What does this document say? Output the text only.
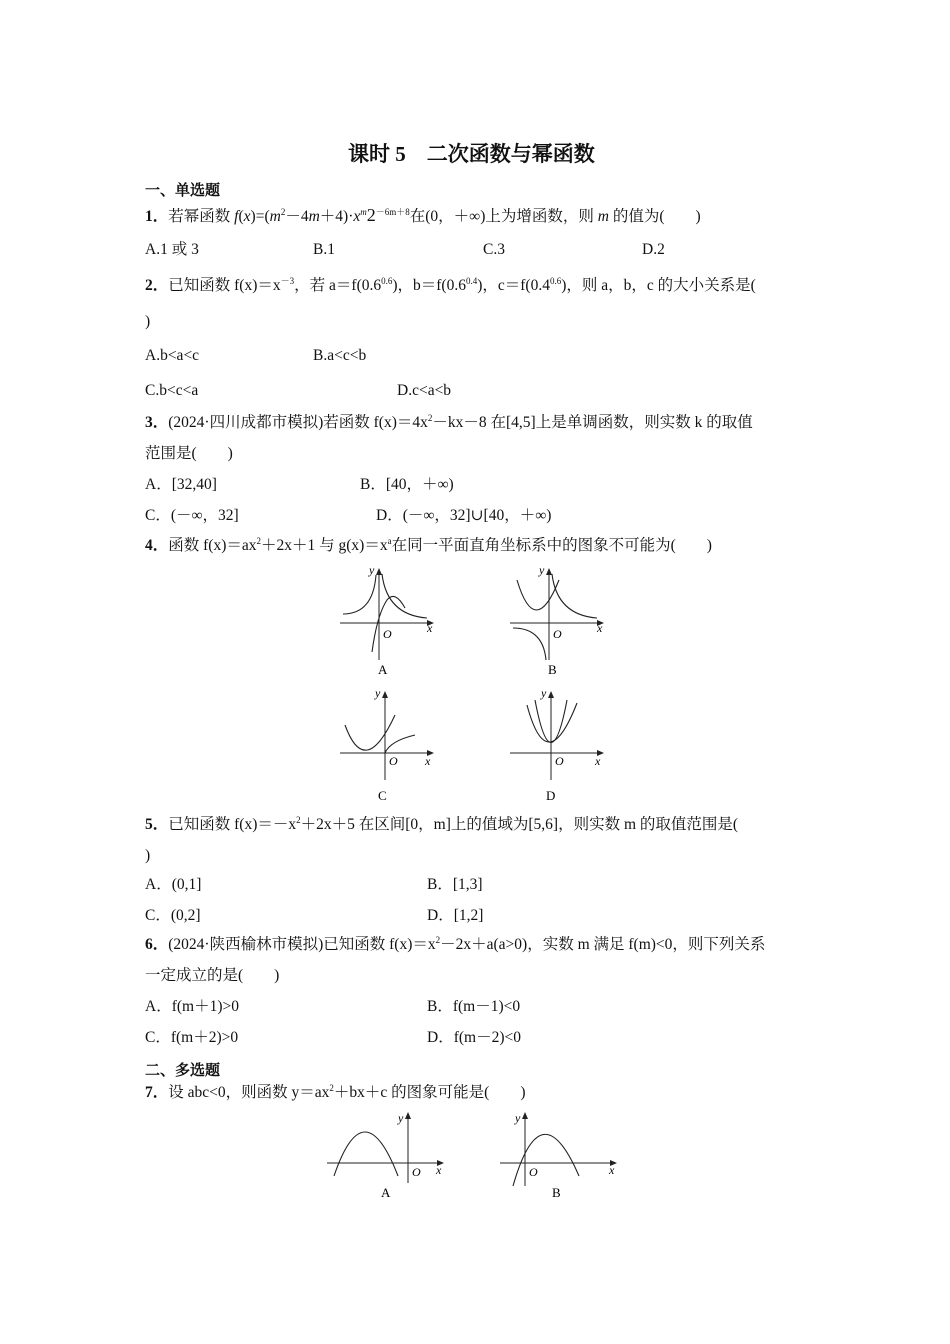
课时 5　二次函数与幂函数
一、单选题
1．若幂函数 $f(x)=(m^2-4m+4)\cdot x^m2^{-6m+8}$在(0，＋∞)上为增函数，则 m 的值为(　　)
A.1 或 3	B.1	C.3	D.2
2．已知函数 $f(x)=x^{-3}$，若 $a=f(0.6^{0.6})$，$b=f(0.6^{0.4})$，$c=f(0.4^{0.6})$，则 a，b，c 的大小关系是(
)
A.b<a<c	B.a<c<b
C.b<c<a	D.c<a<b
3．(2024·四川成都市模拟)若函数 $f(x)=4x^2-kx-8$ 在[4,5]上是单调函数，则实数 k 的取值
范围是(　　)
A．[32,40]	B．[40，＋∞)
C．(－∞，32]	D．(－∞，32]∪[40，＋∞)
4．函数 $f(x)=ax^2+2x+1$ 与 $g(x)=x^a$在同一平面直角坐标系中的图象不可能为(　　)
y
x
O
A
y
x
O
B
y
x
O
C
y
x
O
D
5．已知函数 $f(x)=-x^2+2x+5$ 在区间[0，m]上的值域为[5,6]，则实数 m 的取值范围是(
)
A．(0,1]	B．[1,3]
C．(0,2]	D．[1,2]
6．(2024·陕西榆林市模拟)已知函数 $f(x)=x^2-2x+a(a>0)$，实数 m 满足 f(m)<0，则下列关系
一定成立的是(　　)
A．f(m＋1)>0	B．f(m－1)<0
C．f(m＋2)>0	D．f(m－2)<0
二、多选题
7．设 abc<0，则函数 $y=ax^2+bx+c$ 的图象可能是(　　)
y
x
O
A
y
x
O
B
